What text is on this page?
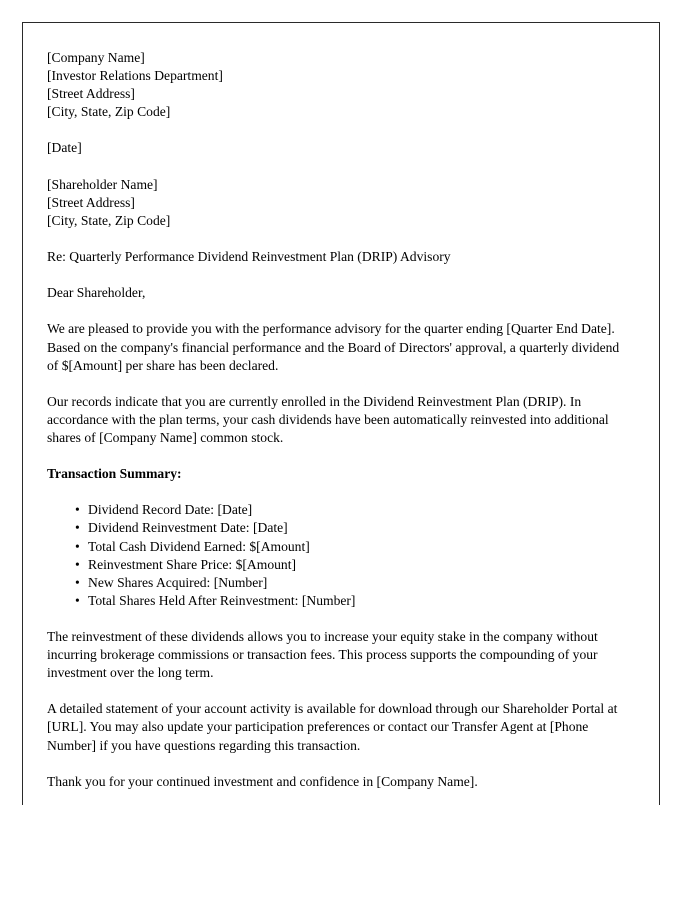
[Company Name]
[Investor Relations Department]
[Street Address]
[City, State, Zip Code]
[Date]
[Shareholder Name]
[Street Address]
[City, State, Zip Code]

Re: Quarterly Performance Dividend Reinvestment Plan (DRIP) Advisory

Dear Shareholder,

We are pleased to provide you with the performance advisory for the quarter ending [Quarter End Date]. Based on the company's financial performance and the Board of Directors' approval, a quarterly dividend of $[Amount] per share has been declared.

Our records indicate that you are currently enrolled in the Dividend Reinvestment Plan (DRIP). In accordance with the plan terms, your cash dividends have been automatically reinvested into additional shares of [Company Name] common stock.

Transaction Summary:

• Dividend Record Date: [Date]
• Dividend Reinvestment Date: [Date]
• Total Cash Dividend Earned: $[Amount]
• Reinvestment Share Price: $[Amount]
• New Shares Acquired: [Number]
• Total Shares Held After Reinvestment: [Number]

The reinvestment of these dividends allows you to increase your equity stake in the company without incurring brokerage commissions or transaction fees. This process supports the compounding of your investment over the long term.

A detailed statement of your account activity is available for download through our Shareholder Portal at [URL]. You may also update your participation preferences or contact our Transfer Agent at [Phone Number] if you have questions regarding this transaction.

Thank you for your continued investment and confidence in [Company Name].
